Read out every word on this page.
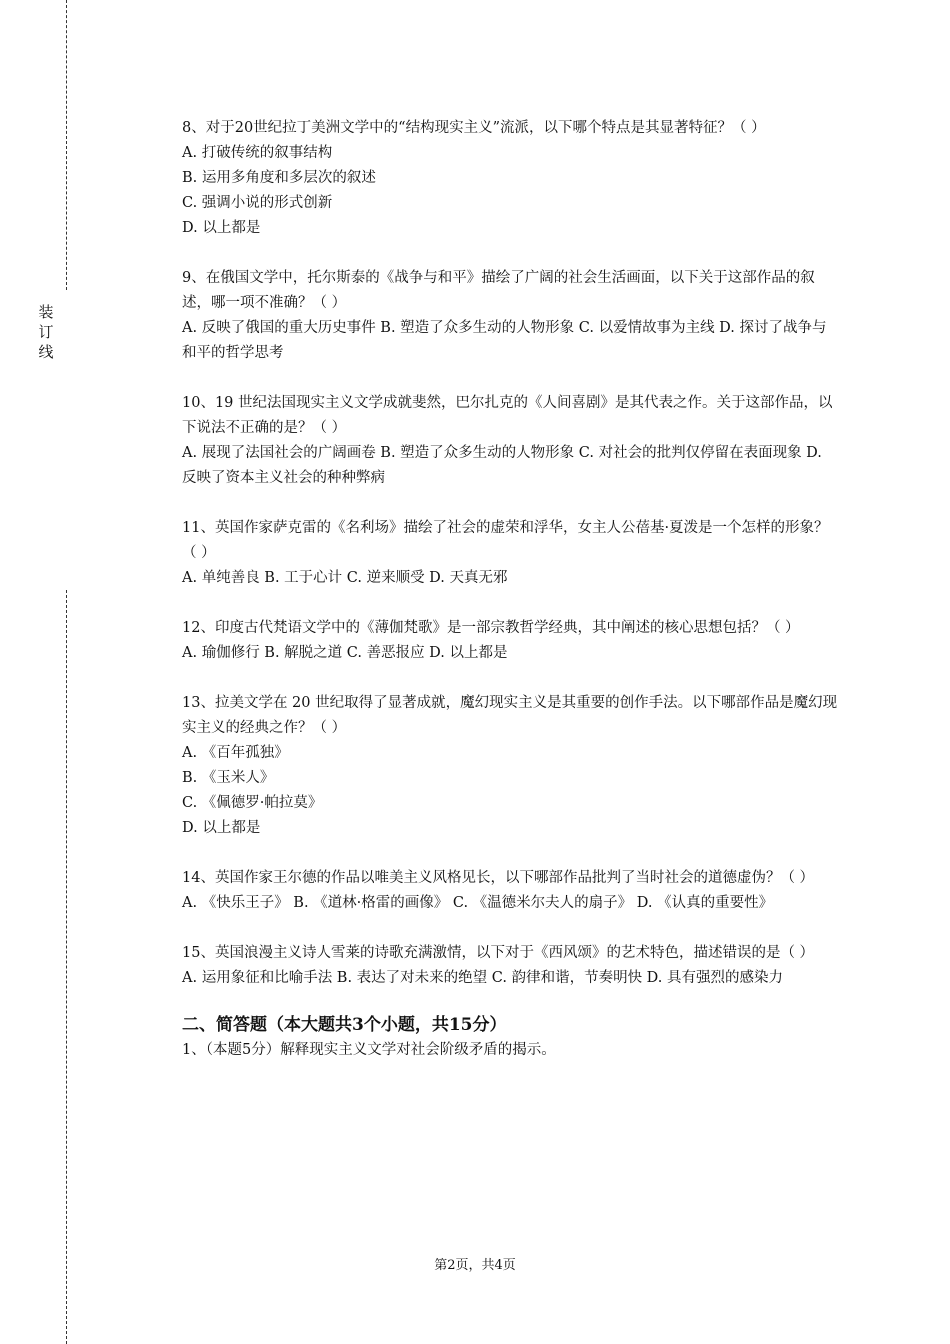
装
订
线

8、对于20世纪拉丁美洲文学中的“结构现实主义”流派，以下哪个特点是其显著特征？（ ）

A. 打破传统的叙事结构

B. 运用多角度和多层次的叙述

C. 强调小说的形式创新

D. 以上都是

9、在俄国文学中，托尔斯泰的《战争与和平》描绘了广阔的社会生活画面，以下关于这部作品的叙述，哪一项不准确？（ ）

A. 反映了俄国的重大历史事件 B. 塑造了众多生动的人物形象 C. 以爱情故事为主线 D. 探讨了战争与和平的哲学思考

10、19 世纪法国现实主义文学成就斐然，巴尔扎克的《人间喜剧》是其代表之作。关于这部作品，以下说法不正确的是？（ ）

A. 展现了法国社会的广阔画卷 B. 塑造了众多生动的人物形象 C. 对社会的批判仅停留在表面现象 D. 反映了资本主义社会的种种弊病

11、英国作家萨克雷的《名利场》描绘了社会的虚荣和浮华，女主人公蓓基·夏泼是一个怎样的形象？（ ）

A. 单纯善良 B. 工于心计 C. 逆来顺受 D. 天真无邪

12、印度古代梵语文学中的《薄伽梵歌》是一部宗教哲学经典，其中阐述的核心思想包括？（ ）

A. 瑜伽修行 B. 解脱之道 C. 善恶报应 D. 以上都是

13、拉美文学在 20 世纪取得了显著成就，魔幻现实主义是其重要的创作手法。以下哪部作品是魔幻现实主义的经典之作？（ ）

A. 《百年孤独》

B. 《玉米人》

C. 《佩德罗·帕拉莫》

D. 以上都是

14、英国作家王尔德的作品以唯美主义风格见长，以下哪部作品批判了当时社会的道德虚伪？（ ）

A. 《快乐王子》 B. 《道林·格雷的画像》 C. 《温德米尔夫人的扇子》 D. 《认真的重要性》

15、英国浪漫主义诗人雪莱的诗歌充满激情，以下对于《西风颂》的艺术特色，描述错误的是（ ）

A. 运用象征和比喻手法 B. 表达了对未来的绝望 C. 韵律和谐，节奏明快 D. 具有强烈的感染力

二、简答题（本大题共3个小题，共15分）

1、（本题5分）解释现实主义文学对社会阶级矛盾的揭示。

第2页，共4页
